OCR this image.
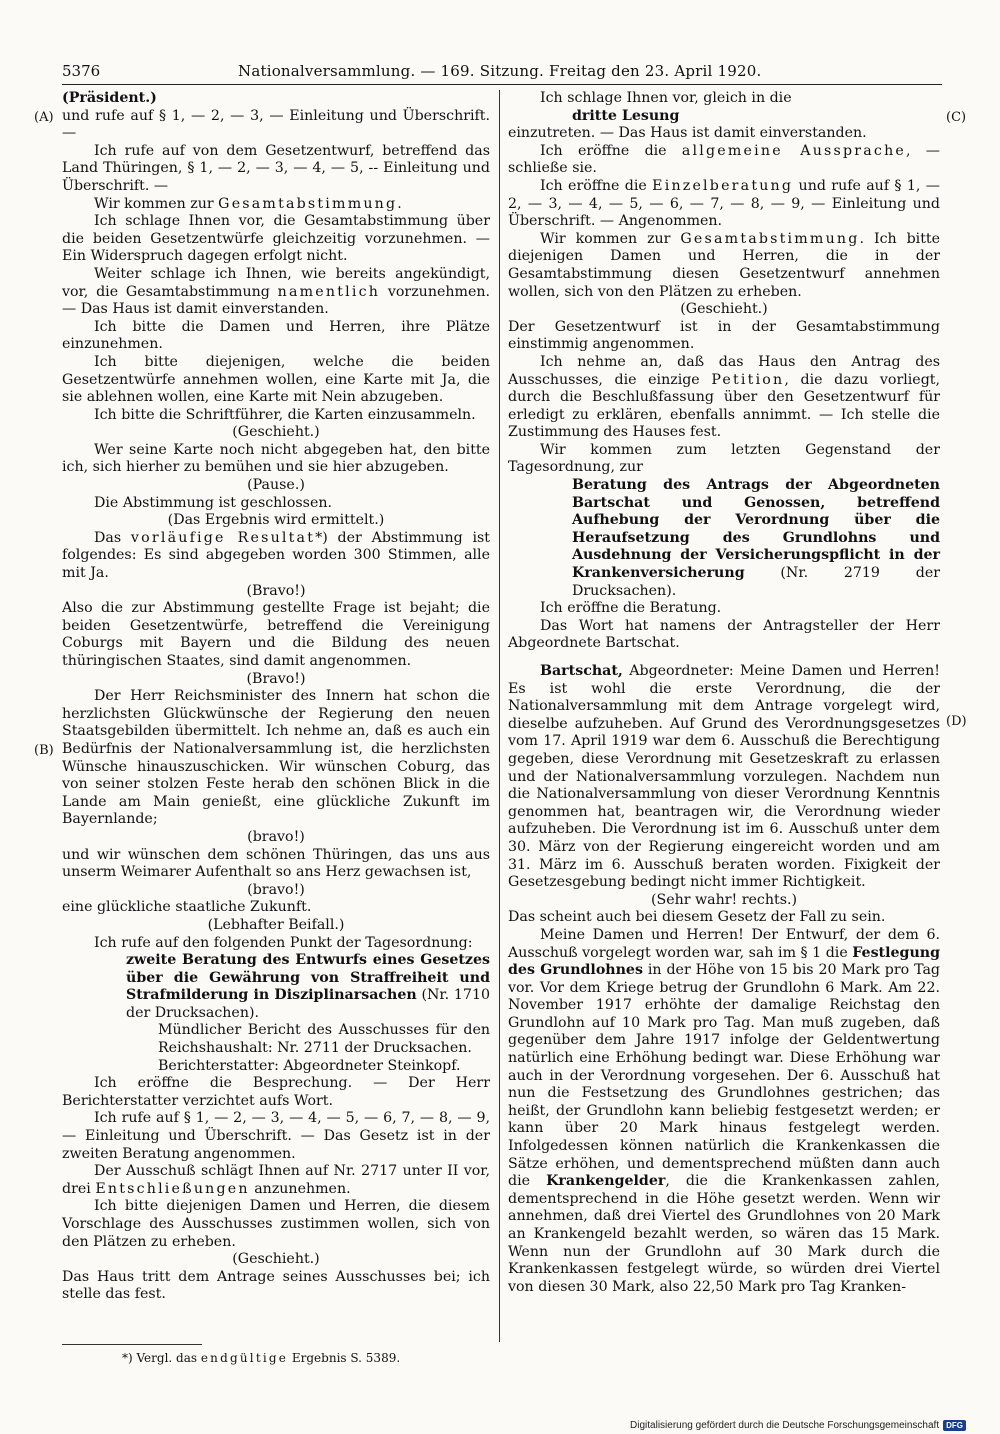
5376	Nationalversammlung. — 169. Sitzung. Freitag den 23. April 1920.
(A)
(B)
(C)
(D)

(Präsident.)

und rufe auf § 1, — 2, — 3, — Einleitung und Überschrift. —

Ich rufe auf von dem Gesetzentwurf, betreffend das Land Thüringen, § 1, — 2, — 3, — 4, — 5, -- Einleitung und Überschrift. —

Wir kommen zur Gesamtabstimmung.

Ich schlage Ihnen vor, die Gesamtabstimmung über die beiden Gesetzentwürfe gleichzeitig vorzunehmen. — Ein Widerspruch dagegen erfolgt nicht.

Weiter schlage ich Ihnen, wie bereits angekündigt, vor, die Gesamtabstimmung namentlich vorzunehmen. — Das Haus ist damit einverstanden.

Ich bitte die Damen und Herren, ihre Plätze einzunehmen.

Ich bitte diejenigen, welche die beiden Gesetzentwürfe annehmen wollen, eine Karte mit Ja, die sie ablehnen wollen, eine Karte mit Nein abzugeben.

Ich bitte die Schriftführer, die Karten einzusammeln.

(Geschieht.)

Wer seine Karte noch nicht abgegeben hat, den bitte ich, sich hierher zu bemühen und sie hier abzugeben.

(Pause.)

Die Abstimmung ist geschlossen.

(Das Ergebnis wird ermittelt.)

Das vorläufige Resultat*) der Abstimmung ist folgendes: Es sind abgegeben worden 300 Stimmen, alle mit Ja.

(Bravo!)

Also die zur Abstimmung gestellte Frage ist bejaht; die beiden Gesetzentwürfe, betreffend die Vereinigung Coburgs mit Bayern und die Bildung des neuen thüringischen Staates, sind damit angenommen.

(Bravo!)

Der Herr Reichsminister des Innern hat schon die herzlichsten Glückwünsche der Regierung den neuen Staatsgebilden übermittelt. Ich nehme an, daß es auch ein Bedürfnis der Nationalversammlung ist, die herzlichsten Wünsche hinauszuschicken. Wir wünschen Coburg, das von seiner stolzen Feste herab den schönen Blick in die Lande am Main genießt, eine glückliche Zukunft im Bayernlande;

(bravo!)

und wir wünschen dem schönen Thüringen, das uns aus unserm Weimarer Aufenthalt so ans Herz gewachsen ist,

(bravo!)

eine glückliche staatliche Zukunft.

(Lebhafter Beifall.)

Ich rufe auf den folgenden Punkt der Tagesordnung:

zweite Beratung des Entwurfs eines Gesetzes über die Gewährung von Straffreiheit und Strafmilderung in Disziplinarsachen (Nr. 1710 der Drucksachen).

Mündlicher Bericht des Ausschusses für den Reichshaushalt: Nr. 2711 der Drucksachen.

Berichterstatter: Abgeordneter Steinkopf.

Ich eröffne die Besprechung. — Der Herr Berichterstatter verzichtet aufs Wort.

Ich rufe auf § 1, — 2, — 3, — 4, — 5, — 6, 7, — 8, — 9, — Einleitung und Überschrift. — Das Gesetz ist in der zweiten Beratung angenommen.

Der Ausschuß schlägt Ihnen auf Nr. 2717 unter II vor, drei Entschließungen anzunehmen.

Ich bitte diejenigen Damen und Herren, die diesem Vorschlage des Ausschusses zustimmen wollen, sich von den Plätzen zu erheben.

(Geschieht.)

Das Haus tritt dem Antrage seines Ausschusses bei; ich stelle das fest.

*) Vergl. das endgültige Ergebnis S. 5389.

Ich schlage Ihnen vor, gleich in die

dritte Lesung

einzutreten. — Das Haus ist damit einverstanden.

Ich eröffne die allgemeine Aussprache, — schließe sie.

Ich eröffne die Einzelberatung und rufe auf § 1, — 2, — 3, — 4, — 5, — 6, — 7, — 8, — 9, — Einleitung und Überschrift. — Angenommen.

Wir kommen zur Gesamtabstimmung. Ich bitte diejenigen Damen und Herren, die in der Gesamtabstimmung diesen Gesetzentwurf annehmen wollen, sich von den Plätzen zu erheben.

(Geschieht.)

Der Gesetzentwurf ist in der Gesamtabstimmung einstimmig angenommen.

Ich nehme an, daß das Haus den Antrag des Ausschusses, die einzige Petition, die dazu vorliegt, durch die Beschlußfassung über den Gesetzentwurf für erledigt zu erklären, ebenfalls annimmt. — Ich stelle die Zustimmung des Hauses fest.

Wir kommen zum letzten Gegenstand der Tagesordnung, zur

Beratung des Antrags der Abgeordneten Bartschat und Genossen, betreffend Aufhebung der Verordnung über die Heraufsetzung des Grundlohns und Ausdehnung der Versicherungspflicht in der Krankenversicherung (Nr. 2719 der Drucksachen).

Ich eröffne die Beratung.

Das Wort hat namens der Antragsteller der Herr Abgeordnete Bartschat.

Bartschat, Abgeordneter: Meine Damen und Herren! Es ist wohl die erste Verordnung, die der Nationalversammlung mit dem Antrage vorgelegt wird, dieselbe aufzuheben. Auf Grund des Verordnungsgesetzes vom 17. April 1919 war dem 6. Ausschuß die Berechtigung gegeben, diese Verordnung mit Gesetzeskraft zu erlassen und der Nationalversammlung vorzulegen. Nachdem nun die Nationalversammlung von dieser Verordnung Kenntnis genommen hat, beantragen wir, die Verordnung wieder aufzuheben. Die Verordnung ist im 6. Ausschuß unter dem 30. März von der Regierung eingereicht worden und am 31. März im 6. Ausschuß beraten worden. Fixigkeit der Gesetzesgebung bedingt nicht immer Richtigkeit.

(Sehr wahr! rechts.)

Das scheint auch bei diesem Gesetz der Fall zu sein.

Meine Damen und Herren! Der Entwurf, der dem 6. Ausschuß vorgelegt worden war, sah im § 1 die Festlegung des Grundlohnes in der Höhe von 15 bis 20 Mark pro Tag vor. Vor dem Kriege betrug der Grundlohn 6 Mark. Am 22. November 1917 erhöhte der damalige Reichstag den Grundlohn auf 10 Mark pro Tag. Man muß zugeben, daß gegenüber dem Jahre 1917 infolge der Geldentwertung natürlich eine Erhöhung bedingt war. Diese Erhöhung war auch in der Verordnung vorgesehen. Der 6. Ausschuß hat nun die Festsetzung des Grundlohnes gestrichen; das heißt, der Grundlohn kann beliebig festgesetzt werden; er kann über 20 Mark hinaus festgelegt werden. Infolgedessen können natürlich die Krankenkassen die Sätze erhöhen, und dementsprechend müßten dann auch die Krankengelder, die die Krankenkassen zahlen, dementsprechend in die Höhe gesetzt werden. Wenn wir annehmen, daß drei Viertel des Grundlohnes von 20 Mark an Krankengeld bezahlt werden, so wären das 15 Mark. Wenn nun der Grundlohn auf 30 Mark durch die Krankenkassen festgelegt würde, so würden drei Viertel von diesen 30 Mark, also 22,50 Mark pro Tag Kranken-

Digitalisierung gefördert durch die Deutsche Forschungsgemeinschaft DFG
